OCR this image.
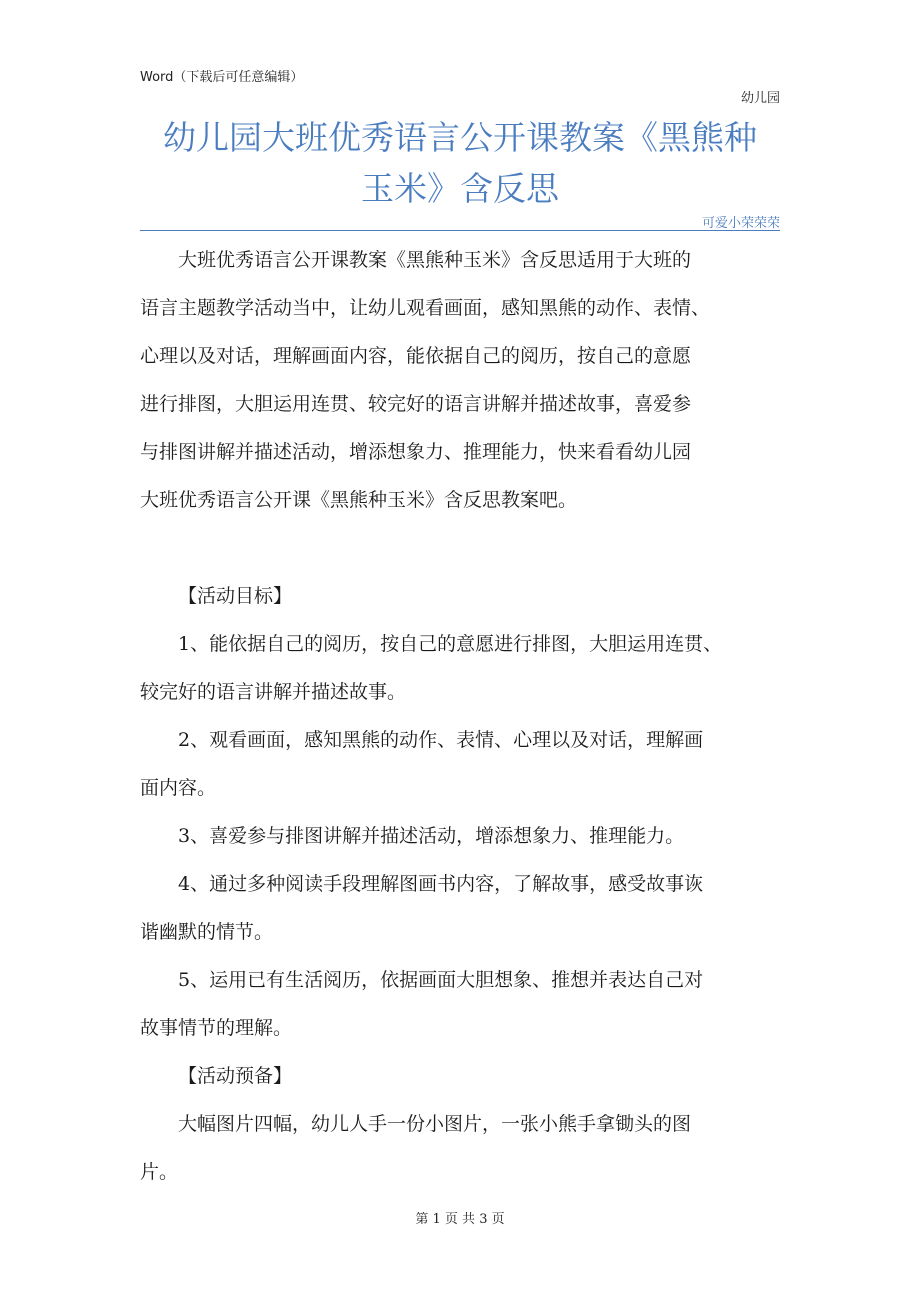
Word（下载后可任意编辑）
幼儿园
幼儿园大班优秀语言公开课教案《黑熊种
玉米》含反思
可爱小荣荣荣

大班优秀语言公开课教案《黑熊种玉米》含反思适用于大班的
语言主题教学活动当中，让幼儿观看画面，感知黑熊的动作、表情、
心理以及对话，理解画面内容，能依据自己的阅历，按自己的意愿
进行排图，大胆运用连贯、较完好的语言讲解并描述故事，喜爱参
与排图讲解并描述活动，增添想象力、推理能力，快来看看幼儿园
大班优秀语言公开课《黑熊种玉米》含反思教案吧。

【活动目标】

1、能依据自己的阅历，按自己的意愿进行排图，大胆运用连贯、
较完好的语言讲解并描述故事。

2、观看画面，感知黑熊的动作、表情、心理以及对话，理解画
面内容。

3、喜爱参与排图讲解并描述活动，增添想象力、推理能力。

4、通过多种阅读手段理解图画书内容，了解故事，感受故事诙
谐幽默的情节。

5、运用已有生活阅历，依据画面大胆想象、推想并表达自己对
故事情节的理解。

【活动预备】

大幅图片四幅，幼儿人手一份小图片，一张小熊手拿锄头的图
片。

第 1 页 共 3 页
